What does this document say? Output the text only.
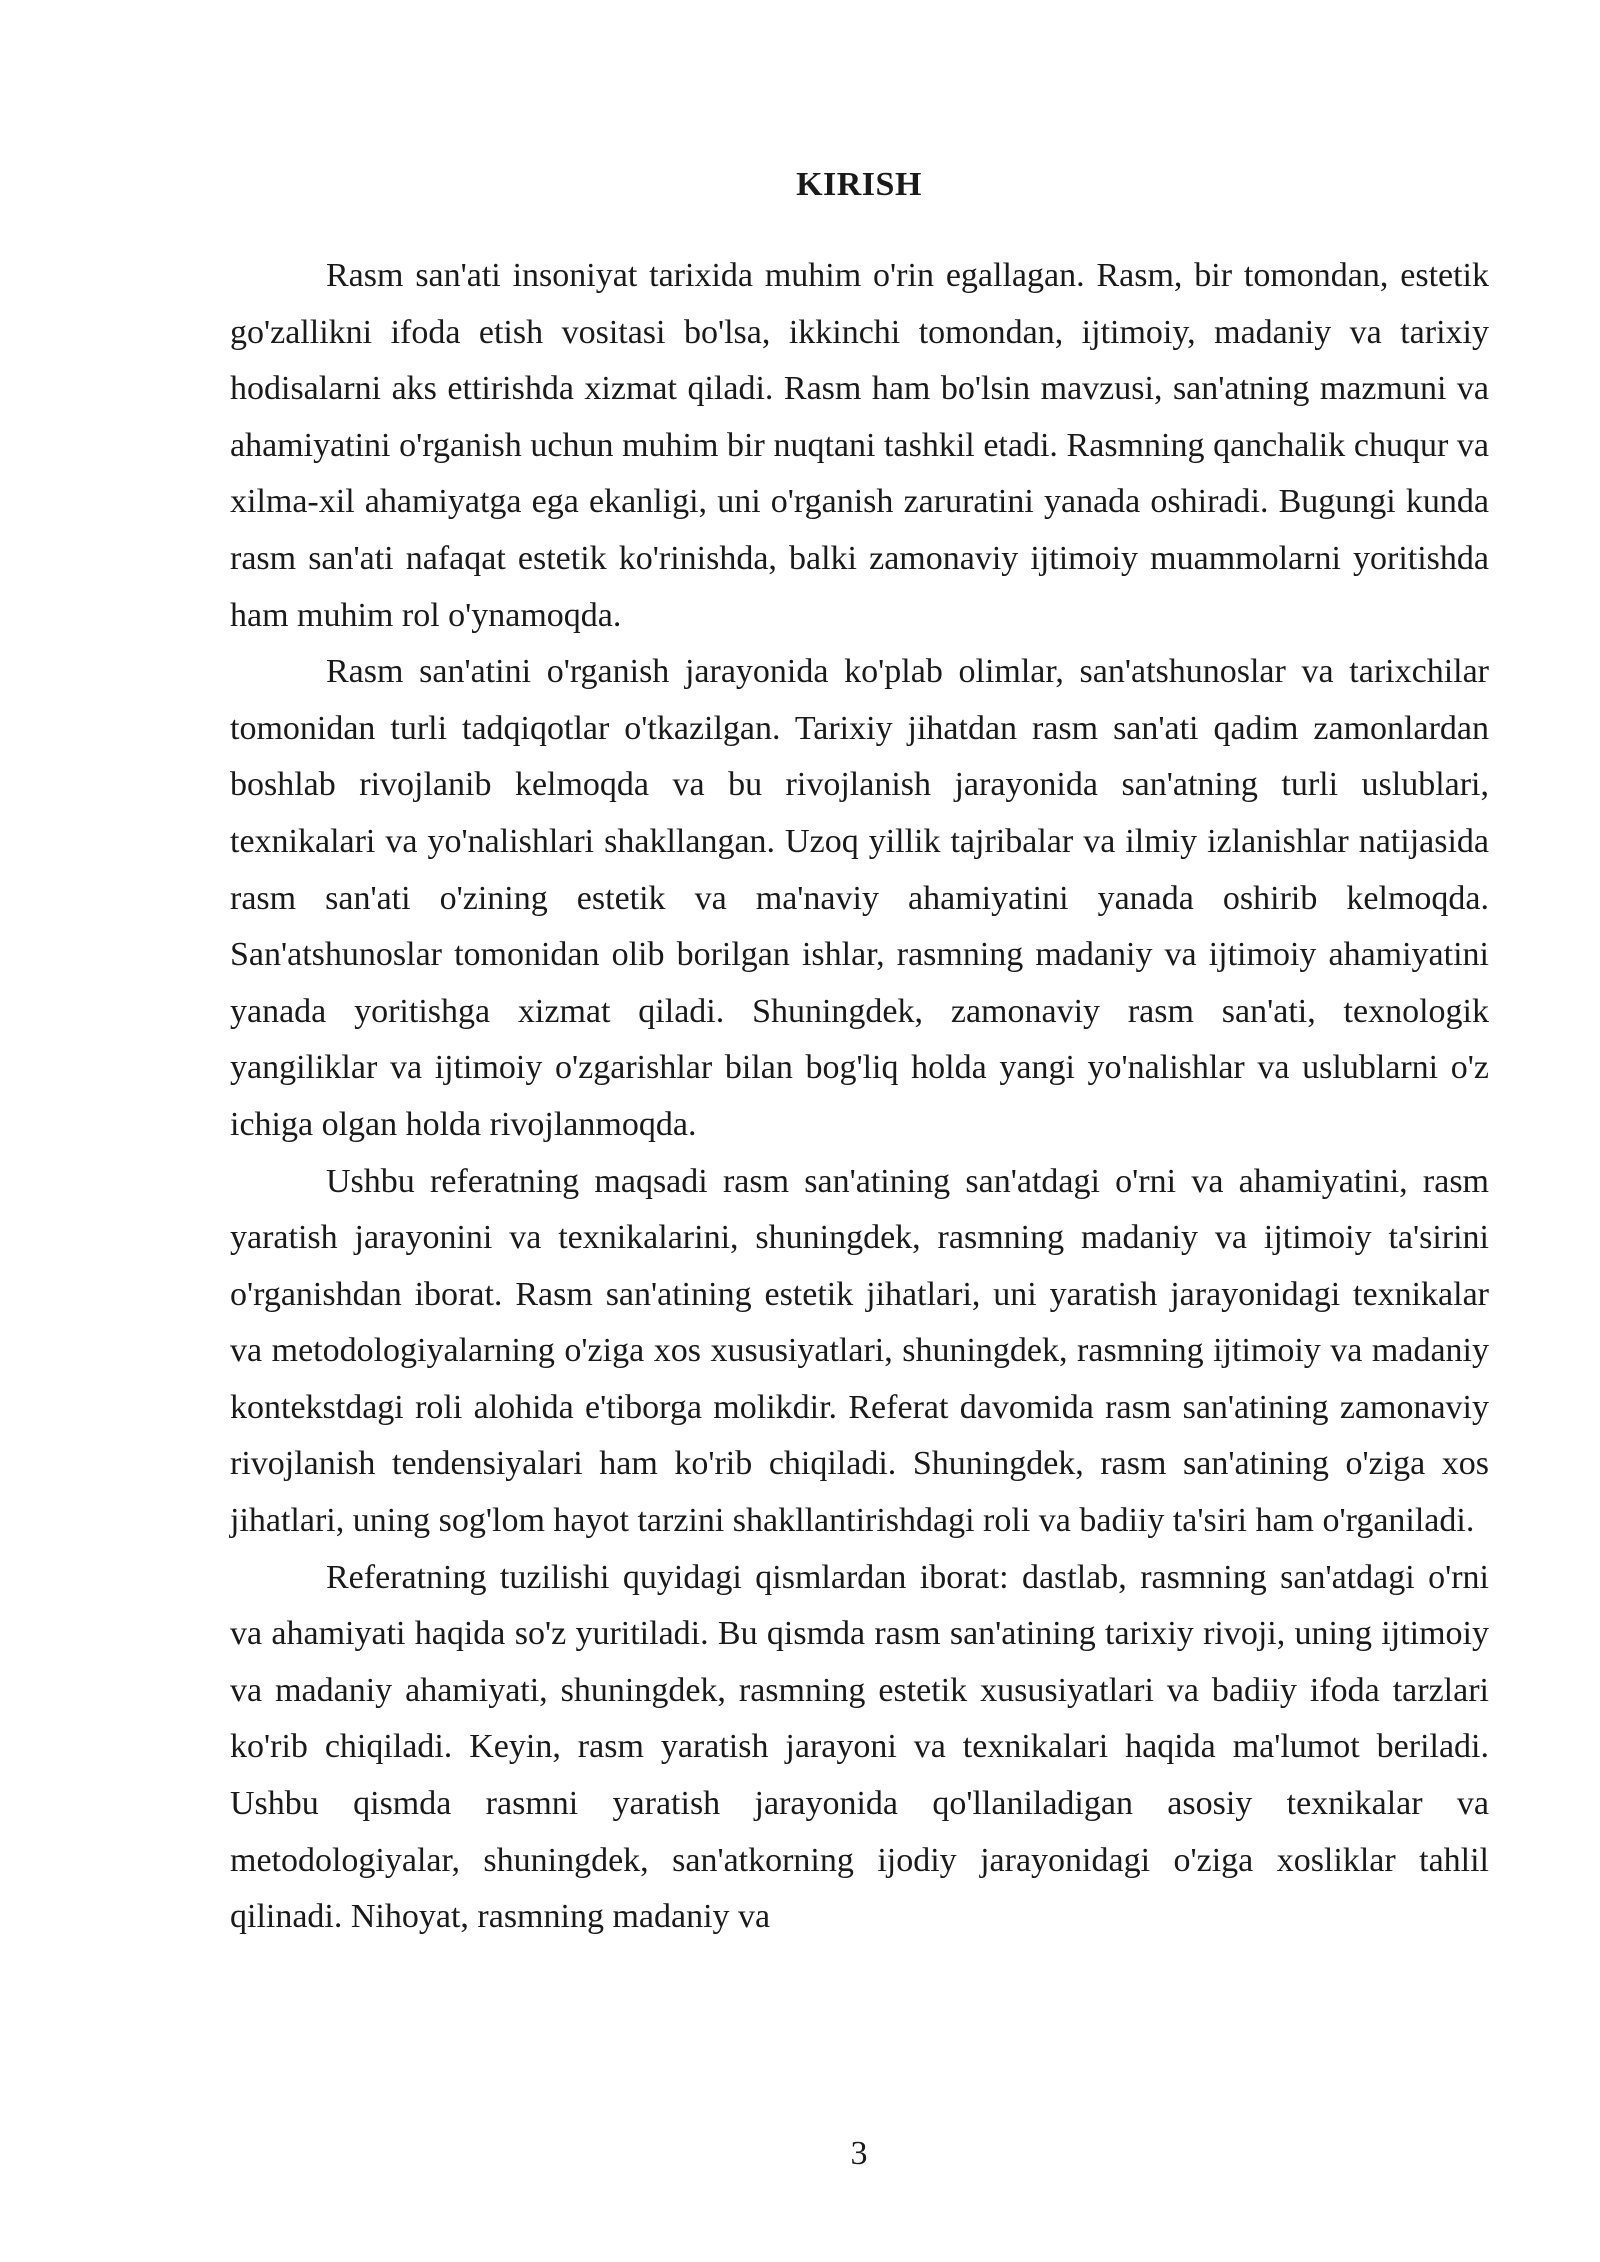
KIRISH

Rasm san'ati insoniyat tarixida muhim o'rin egallagan. Rasm, bir tomondan, estetik go'zallikni ifoda etish vositasi bo'lsa, ikkinchi tomondan, ijtimoiy, madaniy va tarixiy hodisalarni aks ettirishda xizmat qiladi. Rasm ham bo'lsin mavzusi, san'atning mazmuni va ahamiyatini o'rganish uchun muhim bir nuqtani tashkil etadi. Rasmning qanchalik chuqur va xilma-xil ahamiyatga ega ekanligi, uni o'rganish zaruratini yanada oshiradi. Bugungi kunda rasm san'ati nafaqat estetik ko'rinishda, balki zamonaviy ijtimoiy muammolarni yoritishda ham muhim rol o'ynamoqda.

Rasm san'atini o'rganish jarayonida ko'plab olimlar, san'atshunoslar va tarixchilar tomonidan turli tadqiqotlar o'tkazilgan. Tarixiy jihatdan rasm san'ati qadim zamonlardan boshlab rivojlanib kelmoqda va bu rivojlanish jarayonida san'atning turli uslublari, texnikalari va yo'nalishlari shakllangan. Uzoq yillik tajribalar va ilmiy izlanishlar natijasida rasm san'ati o'zining estetik va ma'naviy ahamiyatini yanada oshirib kelmoqda. San'atshunoslar tomonidan olib borilgan ishlar, rasmning madaniy va ijtimoiy ahamiyatini yanada yoritishga xizmat qiladi. Shuningdek, zamonaviy rasm san'ati, texnologik yangiliklar va ijtimoiy o'zgarishlar bilan bog'liq holda yangi yo'nalishlar va uslublarni o'z ichiga olgan holda rivojlanmoqda.

Ushbu referatning maqsadi rasm san'atining san'atdagi o'rni va ahamiyatini, rasm yaratish jarayonini va texnikalarini, shuningdek, rasmning madaniy va ijtimoiy ta'sirini o'rganishdan iborat. Rasm san'atining estetik jihatlari, uni yaratish jarayonidagi texnikalar va metodologiyalarning o'ziga xos xususiyatlari, shuningdek, rasmning ijtimoiy va madaniy kontekstdagi roli alohida e'tiborga molikdir. Referat davomida rasm san'atining zamonaviy rivojlanish tendensiyalari ham ko'rib chiqiladi. Shuningdek, rasm san'atining o'ziga xos jihatlari, uning sog'lom hayot tarzini shakllantirishdagi roli va badiiy ta'siri ham o'rganiladi.

Referatning tuzilishi quyidagi qismlardan iborat: dastlab, rasmning san'atdagi o'rni va ahamiyati haqida so'z yuritiladi. Bu qismda rasm san'atining tarixiy rivoji, uning ijtimoiy va madaniy ahamiyati, shuningdek, rasmning estetik xususiyatlari va badiiy ifoda tarzlari ko'rib chiqiladi. Keyin, rasm yaratish jarayoni va texnikalari haqida ma'lumot beriladi. Ushbu qismda rasmni yaratish jarayonida qo'llaniladigan asosiy texnikalar va metodologiyalar, shuningdek, san'atkorning ijodiy jarayonidagi o'ziga xosliklar tahlil qilinadi. Nihoyat, rasmning madaniy va

3
